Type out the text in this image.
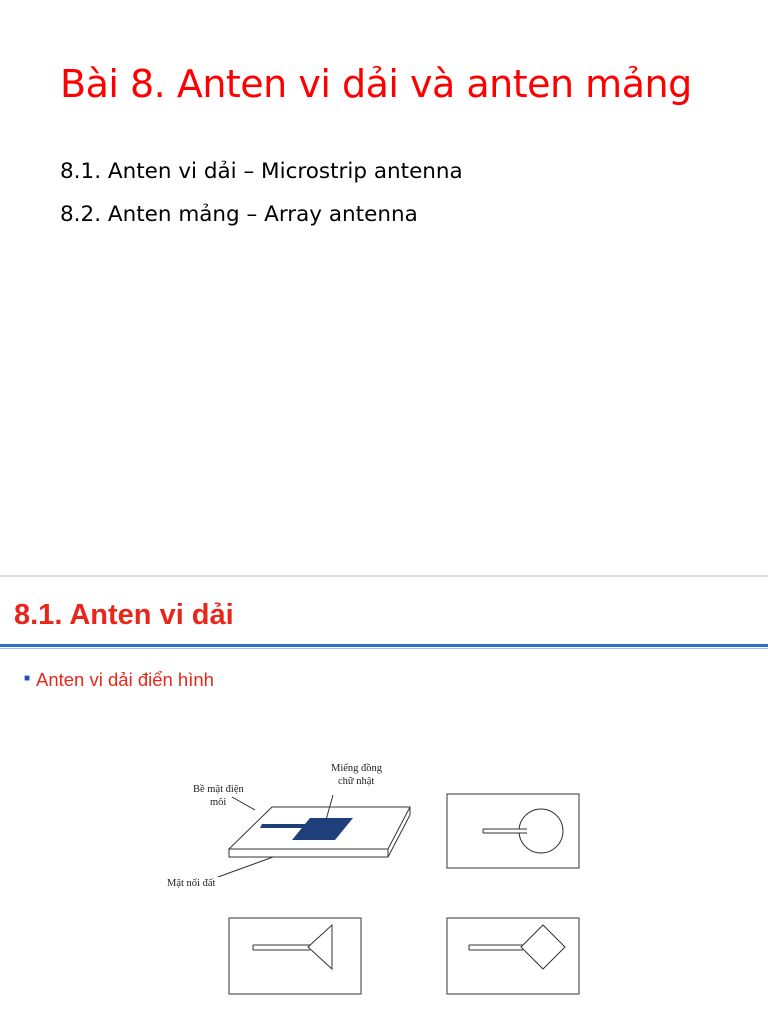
Bài 8. Anten vi dải và anten mảng

8.1. Anten vi dải – Microstrip antenna

8.2. Anten mảng – Array antenna

8.1. Anten vi dải
■ Anten vi dải điển hình

Miếng đồng

chữ nhật

Bề mặt điện

môi

Mặt nối đất
